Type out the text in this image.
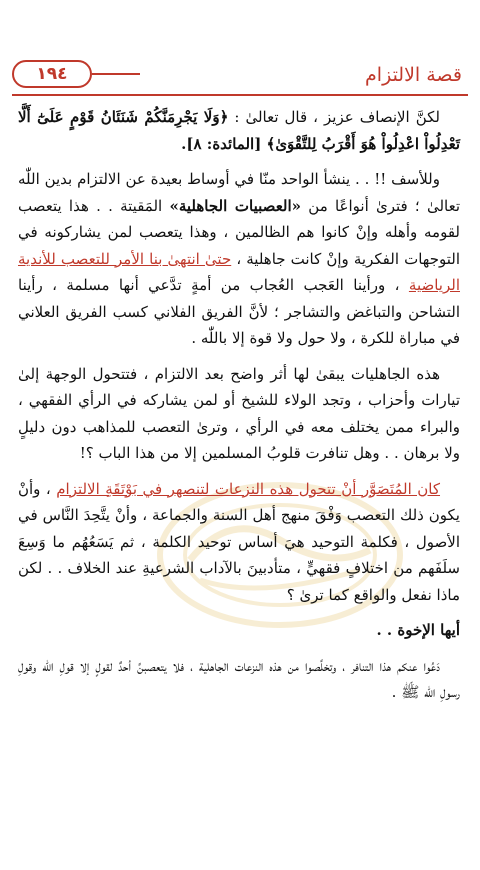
١٩٤	قصة الالتزام

لكنَّ الإنصاف عزيز ، قال تعالىٰ : ﴿وَلَا يَجْرِمَنَّكُمْ شَنَئَانُ قَوْمٍ عَلَىٰٓ أَلَّا تَعْدِلُواْ اعْدِلُواْ هُوَ أَقْرَبُ لِلتَّقْوَىٰ﴾ [المائدة: ٨].

وللأسف !! . . ينشأ الواحد منّا في أوساط بعيدة عن الالتزام بدين اللّٰه تعالىٰ ؛ فترىٰ أنواعًا من «العصبيات الجاهلية» المَقيتة . . هذا يتعصب لقومه وأهله وإنْ كانوا هم الظالمين ، وهذا يتعصب لمن يشاركونه في التوجهات الفكرية وإنْ كانت جاهلية ، حتىٰ انتهىٰ بنا الأمر للتعصب للأندية الرياضية ، ورأينا العَجب العُجاب من أمةٍ تدَّعي أنها مسلمة ، رأينا التشاحن والتباغض والتشاجر ؛ لأنَّ الفريق الفلاني كسب الفريق العلاني في مباراة للكرة ، ولا حول ولا قوة إلا باللّٰه .

هذه الجاهليات يبقىٰ لها أثر واضح بعد الالتزام ، فتتحول الوجهة إلىٰ تيارات وأحزاب ، وتجد الولاء للشيخ أو لمن يشاركه في الرأي الفقهي ، والبراء ممن يختلف معه في الرأي ، وترىٰ التعصب للمذاهب دون دليلٍ ولا برهان . . وهل تنافرت قلوبُ المسلمين إلا من هذا الباب ؟!

كان المُتَصَوَّر أنْ تتحول هذه النزعات لتنصهر في بَوْتَقَةِ الالتزام ، وأنْ يكون ذلك التعصب وَفْقَ منهج أهل السنة والجماعة ، وأنْ يتَّحِدَ النَّاس في الأصول ، فكلمة التوحيد هيَ أساس توحيد الكلمة ، ثم يَسَعُهُم ما وَسِعَ سلَفَهم من اختلافٍ فقهيٍّ ، متأدبينَ بالآداب الشرعيةِ عند الخلاف . . لكن ماذا نفعل والواقع كما ترىٰ ؟

أيها الإخوة . .

دَعُوا عنكم هذا التنافر ، وتخلَّصوا من هذه النزعات الجاهلية ، فلا يتعصبنَّ أحدٌ لقولٍ إلا قولِ اللّٰه وقولِ رسولِ اللّٰه ﷺ .
